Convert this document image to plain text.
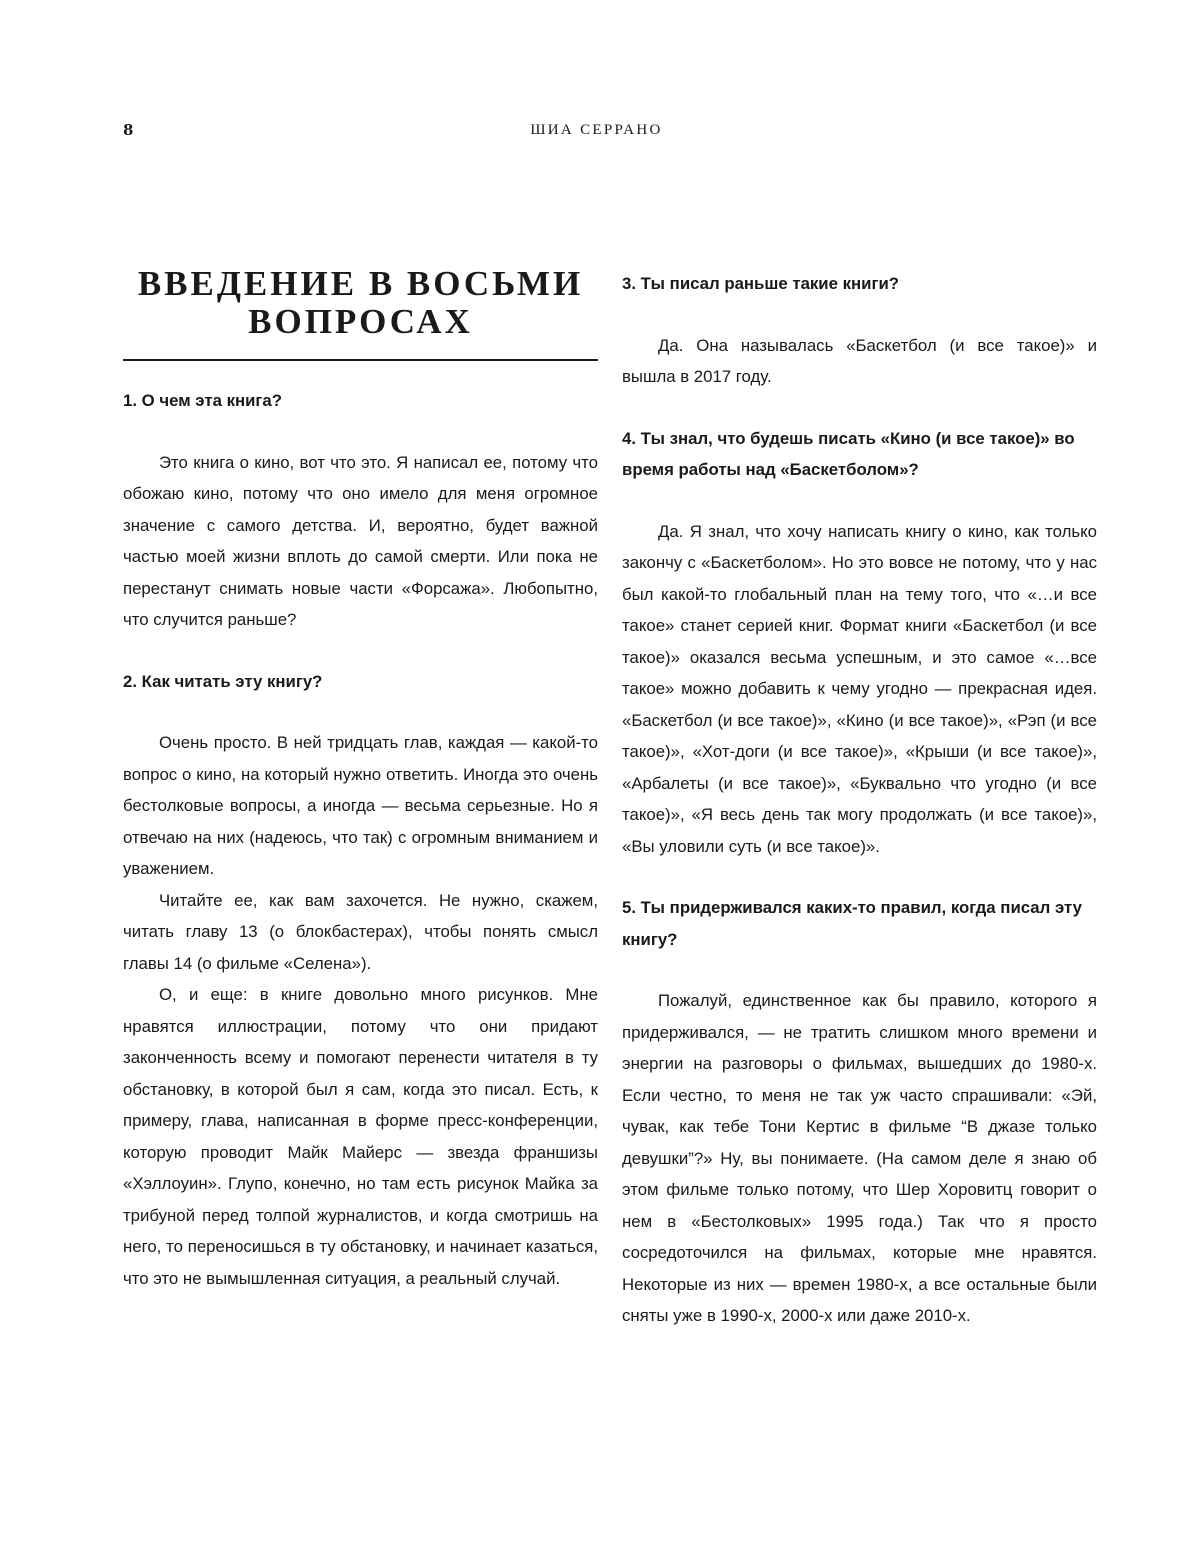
8	ШИА СЕРРАНО
ВВЕДЕНИЕ В ВОСЬМИ
ВОПРОСАХ

1. О чем эта книга?

Это книга о кино, вот что это. Я написал ее, потому что обожаю кино, потому что оно имело для меня огромное значение с самого детства. И, вероятно, будет важной частью моей жизни вплоть до самой смерти. Или пока не перестанут снимать новые части «Форсажа». Любопытно, что случится раньше?

2. Как читать эту книгу?

Очень просто. В ней тридцать глав, каждая — какой-то вопрос о кино, на который нужно ответить. Иногда это очень бестолковые вопросы, а иногда — весьма серьезные. Но я отвечаю на них (надеюсь, что так) с огромным вниманием и уважением.

Читайте ее, как вам захочется. Не нужно, скажем, читать главу 13 (о блокбастерах), чтобы понять смысл главы 14 (о фильме «Селена»).

О, и еще: в книге довольно много рисунков. Мне нравятся иллюстрации, потому что они придают законченность всему и помогают перенести читателя в ту обстановку, в которой был я сам, когда это писал. Есть, к примеру, глава, написанная в форме пресс-конференции, которую проводит Майк Майерс — звезда франшизы «Хэллоуин». Глупо, конечно, но там есть рисунок Майка за трибуной перед толпой журналистов, и когда смотришь на него, то переносишься в ту обстановку, и начинает казаться, что это не вымышленная ситуация, а реальный случай.

3. Ты писал раньше такие книги?

Да. Она называлась «Баскетбол (и все такое)» и вышла в 2017 году.

4. Ты знал, что будешь писать «Кино (и все такое)» во время работы над «Баскетболом»?

Да. Я знал, что хочу написать книгу о кино, как только закончу с «Баскетболом». Но это вовсе не потому, что у нас был какой-то глобальный план на тему того, что «…и все такое» станет серией книг. Формат книги «Баскетбол (и все такое)» оказался весьма успешным, и это самое «…все такое» можно добавить к чему угодно — прекрасная идея. «Баскетбол (и все такое)», «Кино (и все такое)», «Рэп (и все такое)», «Хот-доги (и все такое)», «Крыши (и все такое)», «Арбалеты (и все такое)», «Буквально что угодно (и все такое)», «Я весь день так могу продолжать (и все такое)», «Вы уловили суть (и все такое)».

5. Ты придерживался каких-то правил, когда писал эту книгу?

Пожалуй, единственное как бы правило, которого я придерживался, — не тратить слишком много времени и энергии на разговоры о фильмах, вышедших до 1980-х. Если честно, то меня не так уж часто спрашивали: «Эй, чувак, как тебе Тони Кертис в фильме “В джазе только девушки”?» Ну, вы понимаете. (На самом деле я знаю об этом фильме только потому, что Шер Хоровитц говорит о нем в «Бестолковых» 1995 года.) Так что я просто сосредоточился на фильмах, которые мне нравятся. Некоторые из них — времен 1980-х, а все остальные были сняты уже в 1990-х, 2000-х или даже 2010-х.
